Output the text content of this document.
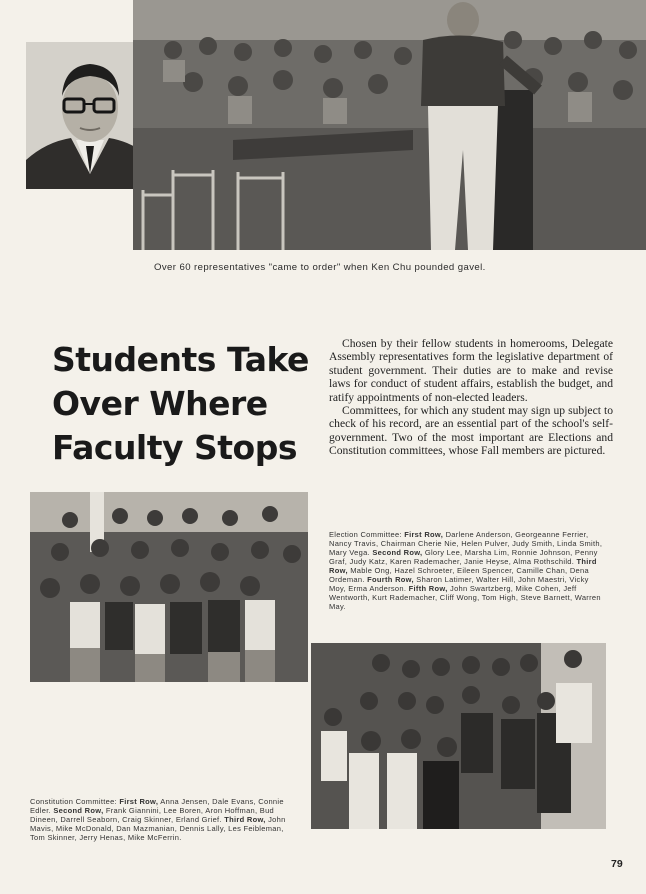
Over 60 representatives "came to order" when Ken Chu pounded gavel.
Students Take
Over Where
Faculty Stops

Chosen by their fellow students in homerooms, Delegate Assembly representatives form the legislative department of student government. Their duties are to make and revise laws for conduct of student affairs, establish the budget, and ratify appointments of non-elected leaders.

Committees, for which any student may sign up subject to check of his record, are an essential part of the school's self-government. Two of the most important are Elections and Constitution committees, whose Fall members are pictured.

Election Committee: First Row, Darlene Anderson, Georgeanne Ferrier, Nancy Travis, Chairman Cherie Nie, Helen Pulver, Judy Smith, Linda Smith, Mary Vega. Second Row, Glory Lee, Marsha Lim, Ronnie Johnson, Penny Graf, Judy Katz, Karen Rademacher, Janie Heyse, Alma Rothschild. Third Row, Mable Ong, Hazel Schroeter, Eileen Spencer, Camille Chan, Dena Ordeman. Fourth Row, Sharon Latimer, Walter Hill, John Maestri, Vicky Moy, Erma Anderson. Fifth Row, John Swartzberg, Mike Cohen, Jeff Wentworth, Kurt Rademacher, Cliff Wong, Tom High, Steve Barnett, Warren May.
Constitution Committee: First Row, Anna Jensen, Dale Evans, Connie Edler. Second Row, Frank Giannini, Lee Boren, Aron Hoffman, Bud Dineen, Darrell Seaborn, Craig Skinner, Erland Grief. Third Row, John Mavis, Mike McDonald, Dan Mazmanian, Dennis Lally, Les Feibleman, Tom Skinner, Jerry Henas, Mike McFerrin.
79
